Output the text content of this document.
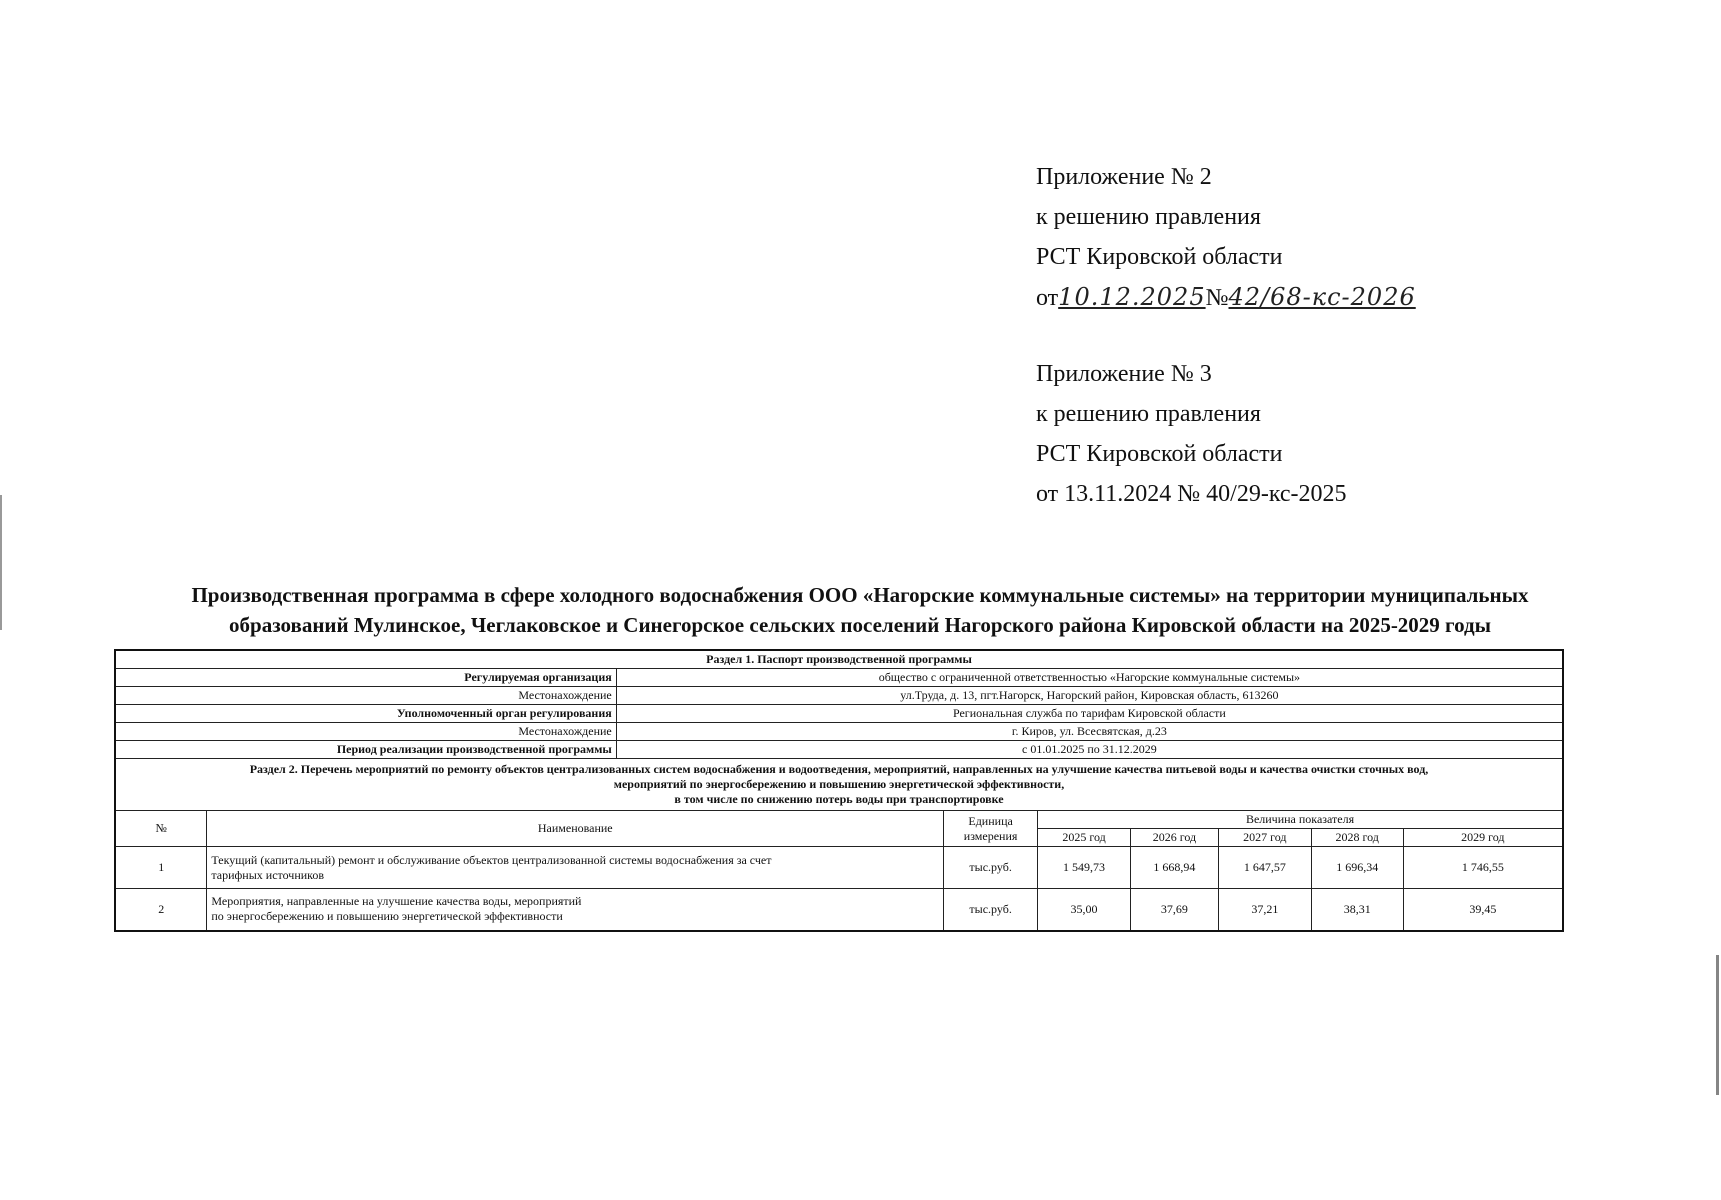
Приложение № 2
к решению правления
РСТ Кировской области
от10.12.2025№42/68-кс-2026
Приложение № 3
к решению правления
РСТ Кировской области
от 13.11.2024 № 40/29-кс-2025
Производственная программа в сфере холодного водоснабжения ООО «Нагорские коммунальные системы» на территории муниципальных
образований Мулинское, Чеглаковское и Синегорское сельских поселений Нагорского района Кировской области на 2025-2029 годы
Раздел 1. Паспорт производственной программы								
Регулируемая организация		общество с ограниченной ответственностью «Нагорские коммунальные системы»						
Местонахождение		ул.Труда, д. 13, пгт.Нагорск, Нагорский район, Кировская область, 613260						
Уполномоченный орган регулирования		Региональная служба по тарифам Кировской области						
Местонахождение		г. Киров, ул. Всесвятская, д.23						
Период реализации производственной программы		с 01.01.2025 по 31.12.2029						

Раздел 2. Перечень мероприятий по ремонту объектов централизованных систем водоснабжения и водоотведения, мероприятий, направленных на улучшение качества питьевой воды и качества очистки сточных вод,
мероприятий по энергосбережению и повышению энергетической эффективности,
в том числе по снижению потерь воды при транспортировке								

№	Наименование		Единица
измерения	Величина показателя				
				2025 год	2026 год	2027 год	2028 год	2029 год
1	Текущий (капитальный) ремонт и обслуживание объектов централизованной системы водоснабжения за счет
тарифных источников		тыс.руб.	1 549,73	1 668,94	1 647,57	1 696,34	1 746,55
2	Мероприятия, направленные на улучшение качества воды, мероприятий
по энергосбережению и повышению энергетической эффективности		тыс.руб.	35,00	37,69	37,21	38,31	39,45
